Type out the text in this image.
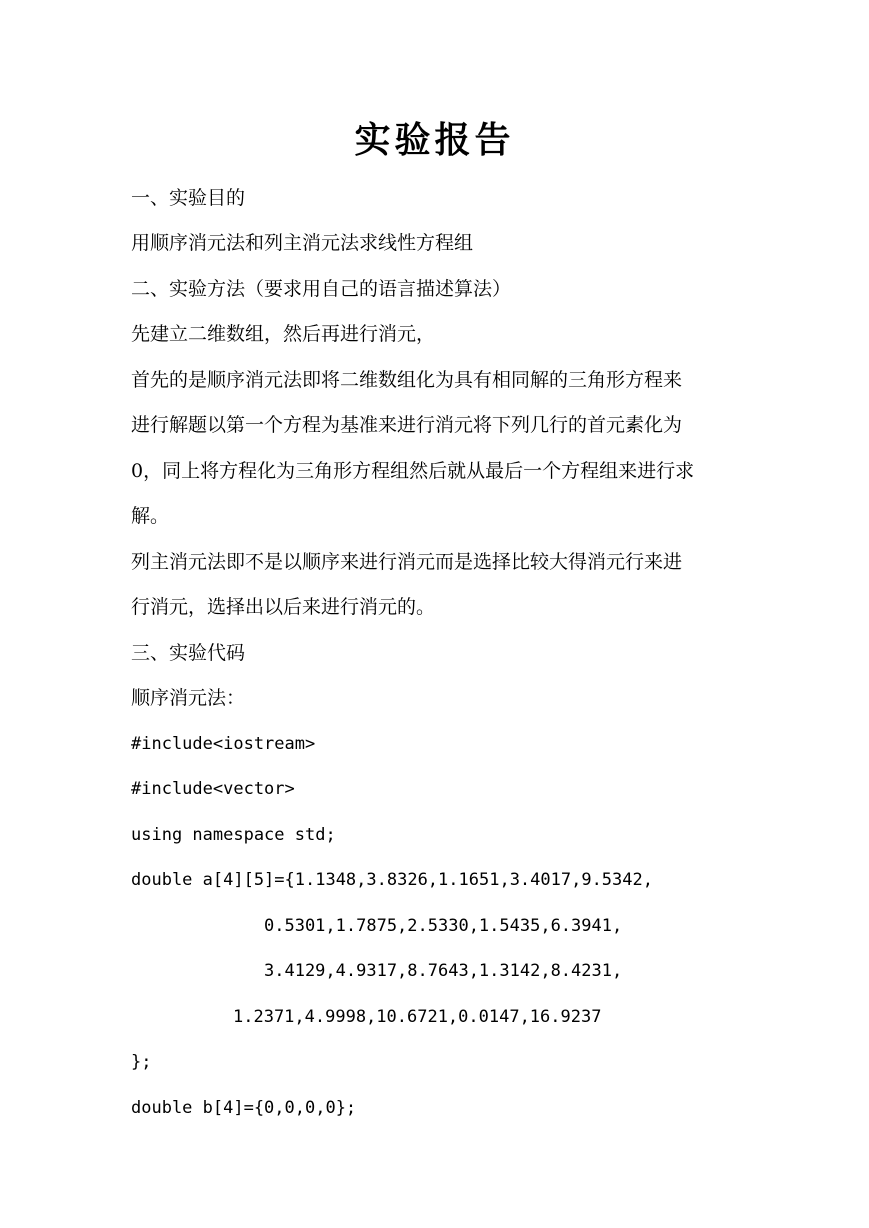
实验报告
一、实验目的
用顺序消元法和列主消元法求线性方程组
二、实验方法（要求用自己的语言描述算法）
先建立二维数组，然后再进行消元，
首先的是顺序消元法即将二维数组化为具有相同解的三角形方程来
进行解题以第一个方程为基准来进行消元将下列几行的首元素化为
0，同上将方程化为三角形方程组然后就从最后一个方程组来进行求
解。
列主消元法即不是以顺序来进行消元而是选择比较大得消元行来进
行消元，选择出以后来进行消元的。
三、实验代码
顺序消元法：
#include<iostream>
#include<vector>
using namespace std;
double a[4][5]={1.1348,3.8326,1.1651,3.4017,9.5342,
0.5301,1.7875,2.5330,1.5435,6.3941,
3.4129,4.9317,8.7643,1.3142,8.4231,
1.2371,4.9998,10.6721,0.0147,16.9237
};
double b[4]={0,0,0,0};
